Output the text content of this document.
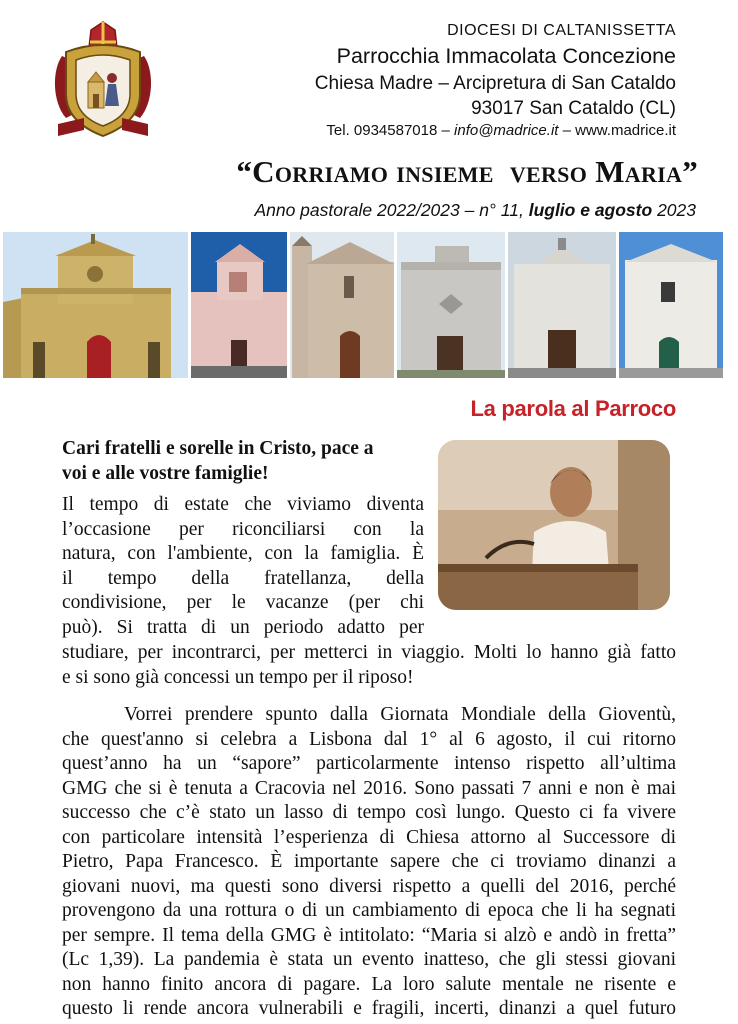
DIOCESI DI CALTANISSETTA
Parrocchia Immacolata Concezione
Chiesa Madre – Arcipretura di San Cataldo
93017 San Cataldo (CL)
Tel. 0934587018 – info@madrice.it – www.madrice.it
“Corriamo insieme verso Maria”
Anno pastorale 2022/2023 – n° 11, luglio e agosto 2023
La parola al Parroco
Cari fratelli e sorelle in Cristo, pace a
voi e alle vostre famiglie!
Il tempo di estate che viviamo diventa
l’occasione per riconciliarsi con la
natura, con l'ambiente, con la famiglia. È
il tempo della fratellanza, della
condivisione, per le vacanze (per chi
può). Si tratta di un periodo adatto per
studiare, per incontrarci, per metterci in viaggio. Molti lo hanno già fatto
e si sono già concessi un tempo per il riposo!
Vorrei prendere spunto dalla Giornata Mondiale della Gioventù,
che quest'anno si celebra a Lisbona dal 1° al 6 agosto, il cui ritorno
quest’anno ha un “sapore” particolarmente intenso rispetto all’ultima
GMG che si è tenuta a Cracovia nel 2016. Sono passati 7 anni e non è mai
successo che c’è stato un lasso di tempo così lungo. Questo ci fa vivere
con particolare intensità l’esperienza di Chiesa attorno al Successore di
Pietro, Papa Francesco. È importante sapere che ci troviamo dinanzi a
giovani nuovi, ma questi sono diversi rispetto a quelli del 2016, perché
provengono da una rottura o di un cambiamento di epoca che li ha segnati
per sempre. Il tema della GMG è intitolato: “Maria si alzò e andò in fretta”
(Lc 1,39). La pandemia è stata un evento inatteso, che gli stessi giovani
non hanno finito ancora di pagare. La loro salute mentale ne risente e
questo li rende ancora vulnerabili e fragili, incerti, dinanzi a quel futuro
